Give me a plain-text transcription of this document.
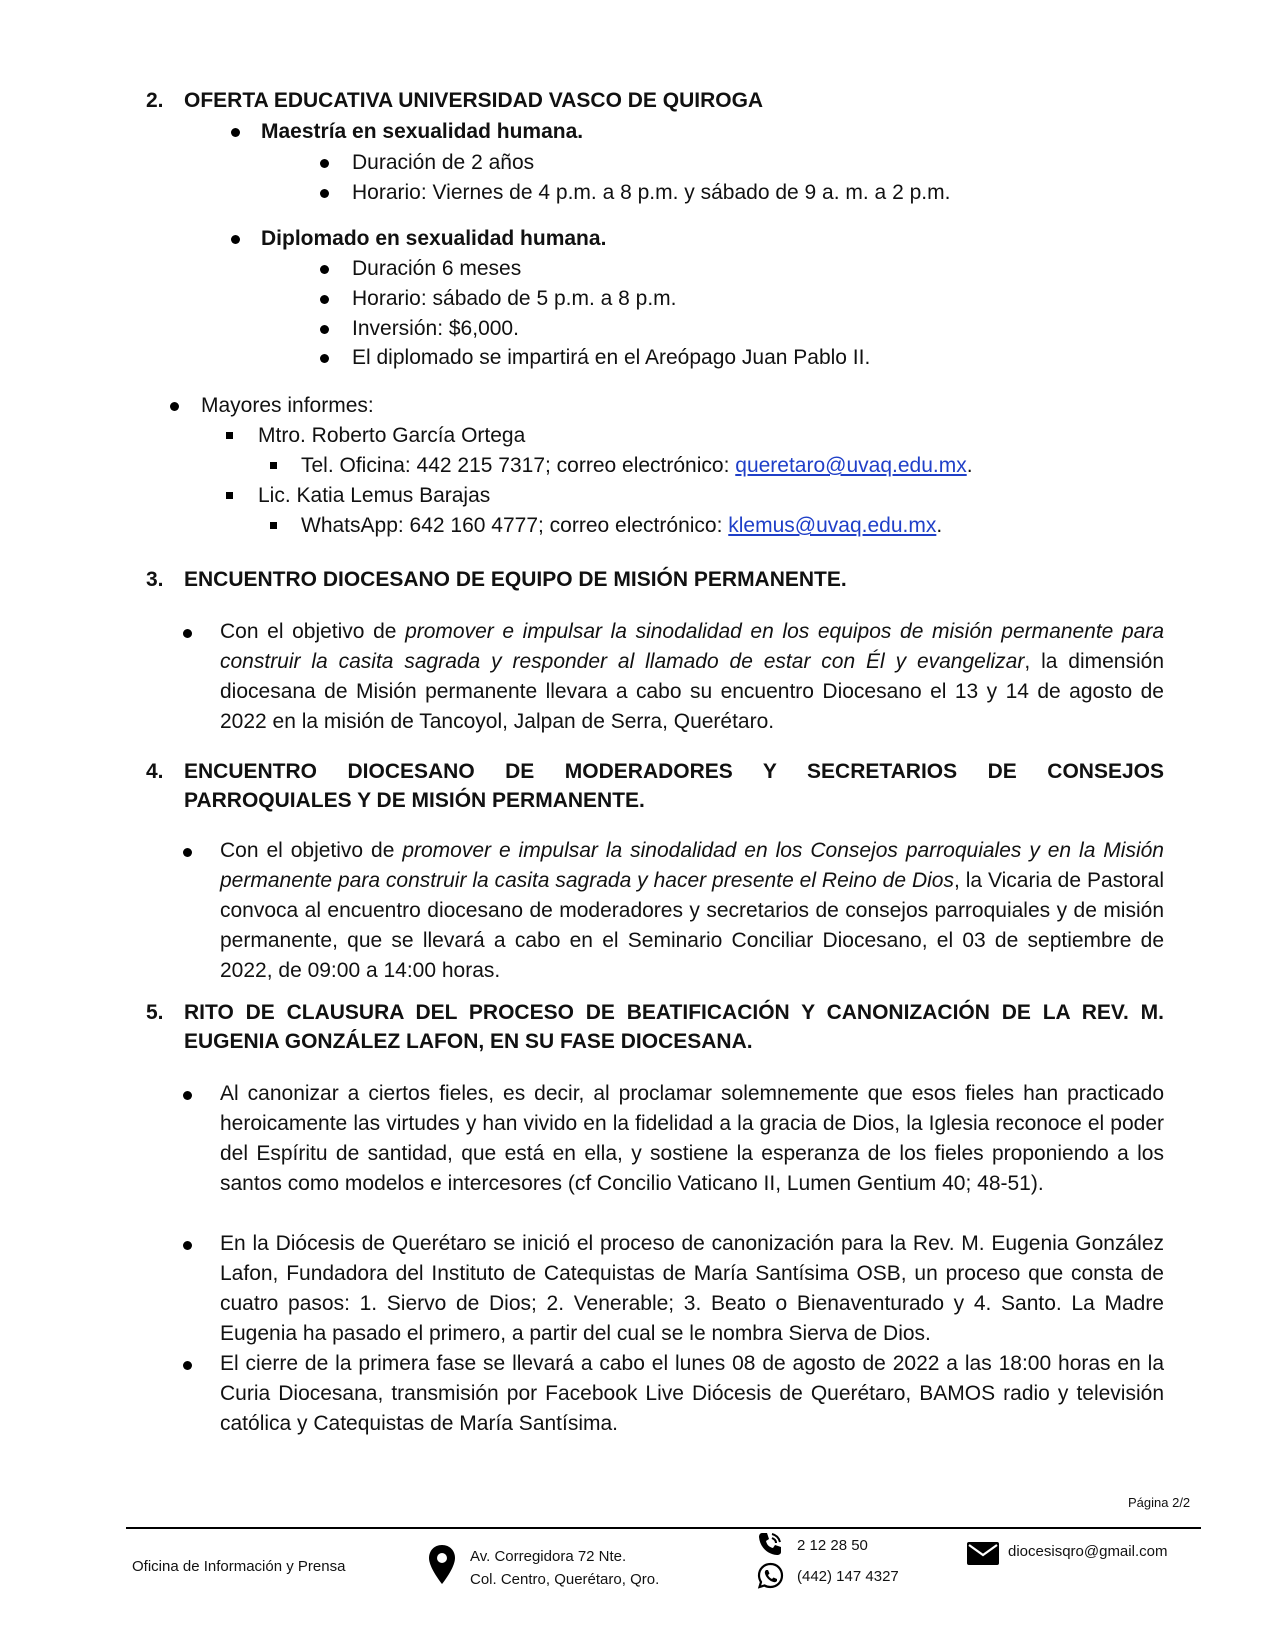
2. OFERTA EDUCATIVA UNIVERSIDAD VASCO DE QUIROGA
Maestría en sexualidad humana.
Duración de 2 años
Horario: Viernes de 4 p.m. a 8 p.m. y sábado de 9 a. m. a 2 p.m.
Diplomado en sexualidad humana.
Duración 6 meses
Horario: sábado de 5 p.m. a 8 p.m.
Inversión: $6,000.
El diplomado se impartirá en el Areópago Juan Pablo II.
Mayores informes:
Mtro. Roberto García Ortega
Tel. Oficina: 442 215 7317; correo electrónico: queretaro@uvaq.edu.mx.
Lic. Katia Lemus Barajas
WhatsApp: 642 160 4777; correo electrónico: klemus@uvaq.edu.mx.
3. ENCUENTRO DIOCESANO DE EQUIPO DE MISIÓN PERMANENTE.
Con el objetivo de promover e impulsar la sinodalidad en los equipos de misión permanente para construir la casita sagrada y responder al llamado de estar con Él y evangelizar, la dimensión diocesana de Misión permanente llevara a cabo su encuentro Diocesano el 13 y 14 de agosto de 2022 en la misión de Tancoyol, Jalpan de Serra, Querétaro.
4. ENCUENTRO DIOCESANO DE MODERADORES Y SECRETARIOS DE CONSEJOS PARROQUIALES Y DE MISIÓN PERMANENTE.
Con el objetivo de promover e impulsar la sinodalidad en los Consejos parroquiales y en la Misión permanente para construir la casita sagrada y hacer presente el Reino de Dios, la Vicaria de Pastoral convoca al encuentro diocesano de moderadores y secretarios de consejos parroquiales y de misión permanente, que se llevará a cabo en el Seminario Conciliar Diocesano, el 03 de septiembre de 2022, de 09:00 a 14:00 horas.
5. RITO DE CLAUSURA DEL PROCESO DE BEATIFICACIÓN Y CANONIZACIÓN DE LA REV. M. EUGENIA GONZÁLEZ LAFON, EN SU FASE DIOCESANA.
Al canonizar a ciertos fieles, es decir, al proclamar solemnemente que esos fieles han practicado heroicamente las virtudes y han vivido en la fidelidad a la gracia de Dios, la Iglesia reconoce el poder del Espíritu de santidad, que está en ella, y sostiene la esperanza de los fieles proponiendo a los santos como modelos e intercesores (cf Concilio Vaticano II, Lumen Gentium 40; 48-51).
En la Diócesis de Querétaro se inició el proceso de canonización para la Rev. M. Eugenia González Lafon, Fundadora del Instituto de Catequistas de María Santísima OSB, un proceso que consta de cuatro pasos: 1. Siervo de Dios; 2. Venerable; 3. Beato o Bienaventurado y 4. Santo. La Madre Eugenia ha pasado el primero, a partir del cual se le nombra Sierva de Dios.
El cierre de la primera fase se llevará a cabo el lunes 08 de agosto de 2022 a las 18:00 horas en la Curia Diocesana, transmisión por Facebook Live Diócesis de Querétaro, BAMOS radio y televisión católica y Catequistas de María Santísima.
Página 2/2
Oficina de Información y Prensa
Av. Corregidora 72 Nte.
Col. Centro, Querétaro, Qro.
2 12 28 50
(442) 147 4327
diocesisqro@gmail.com
